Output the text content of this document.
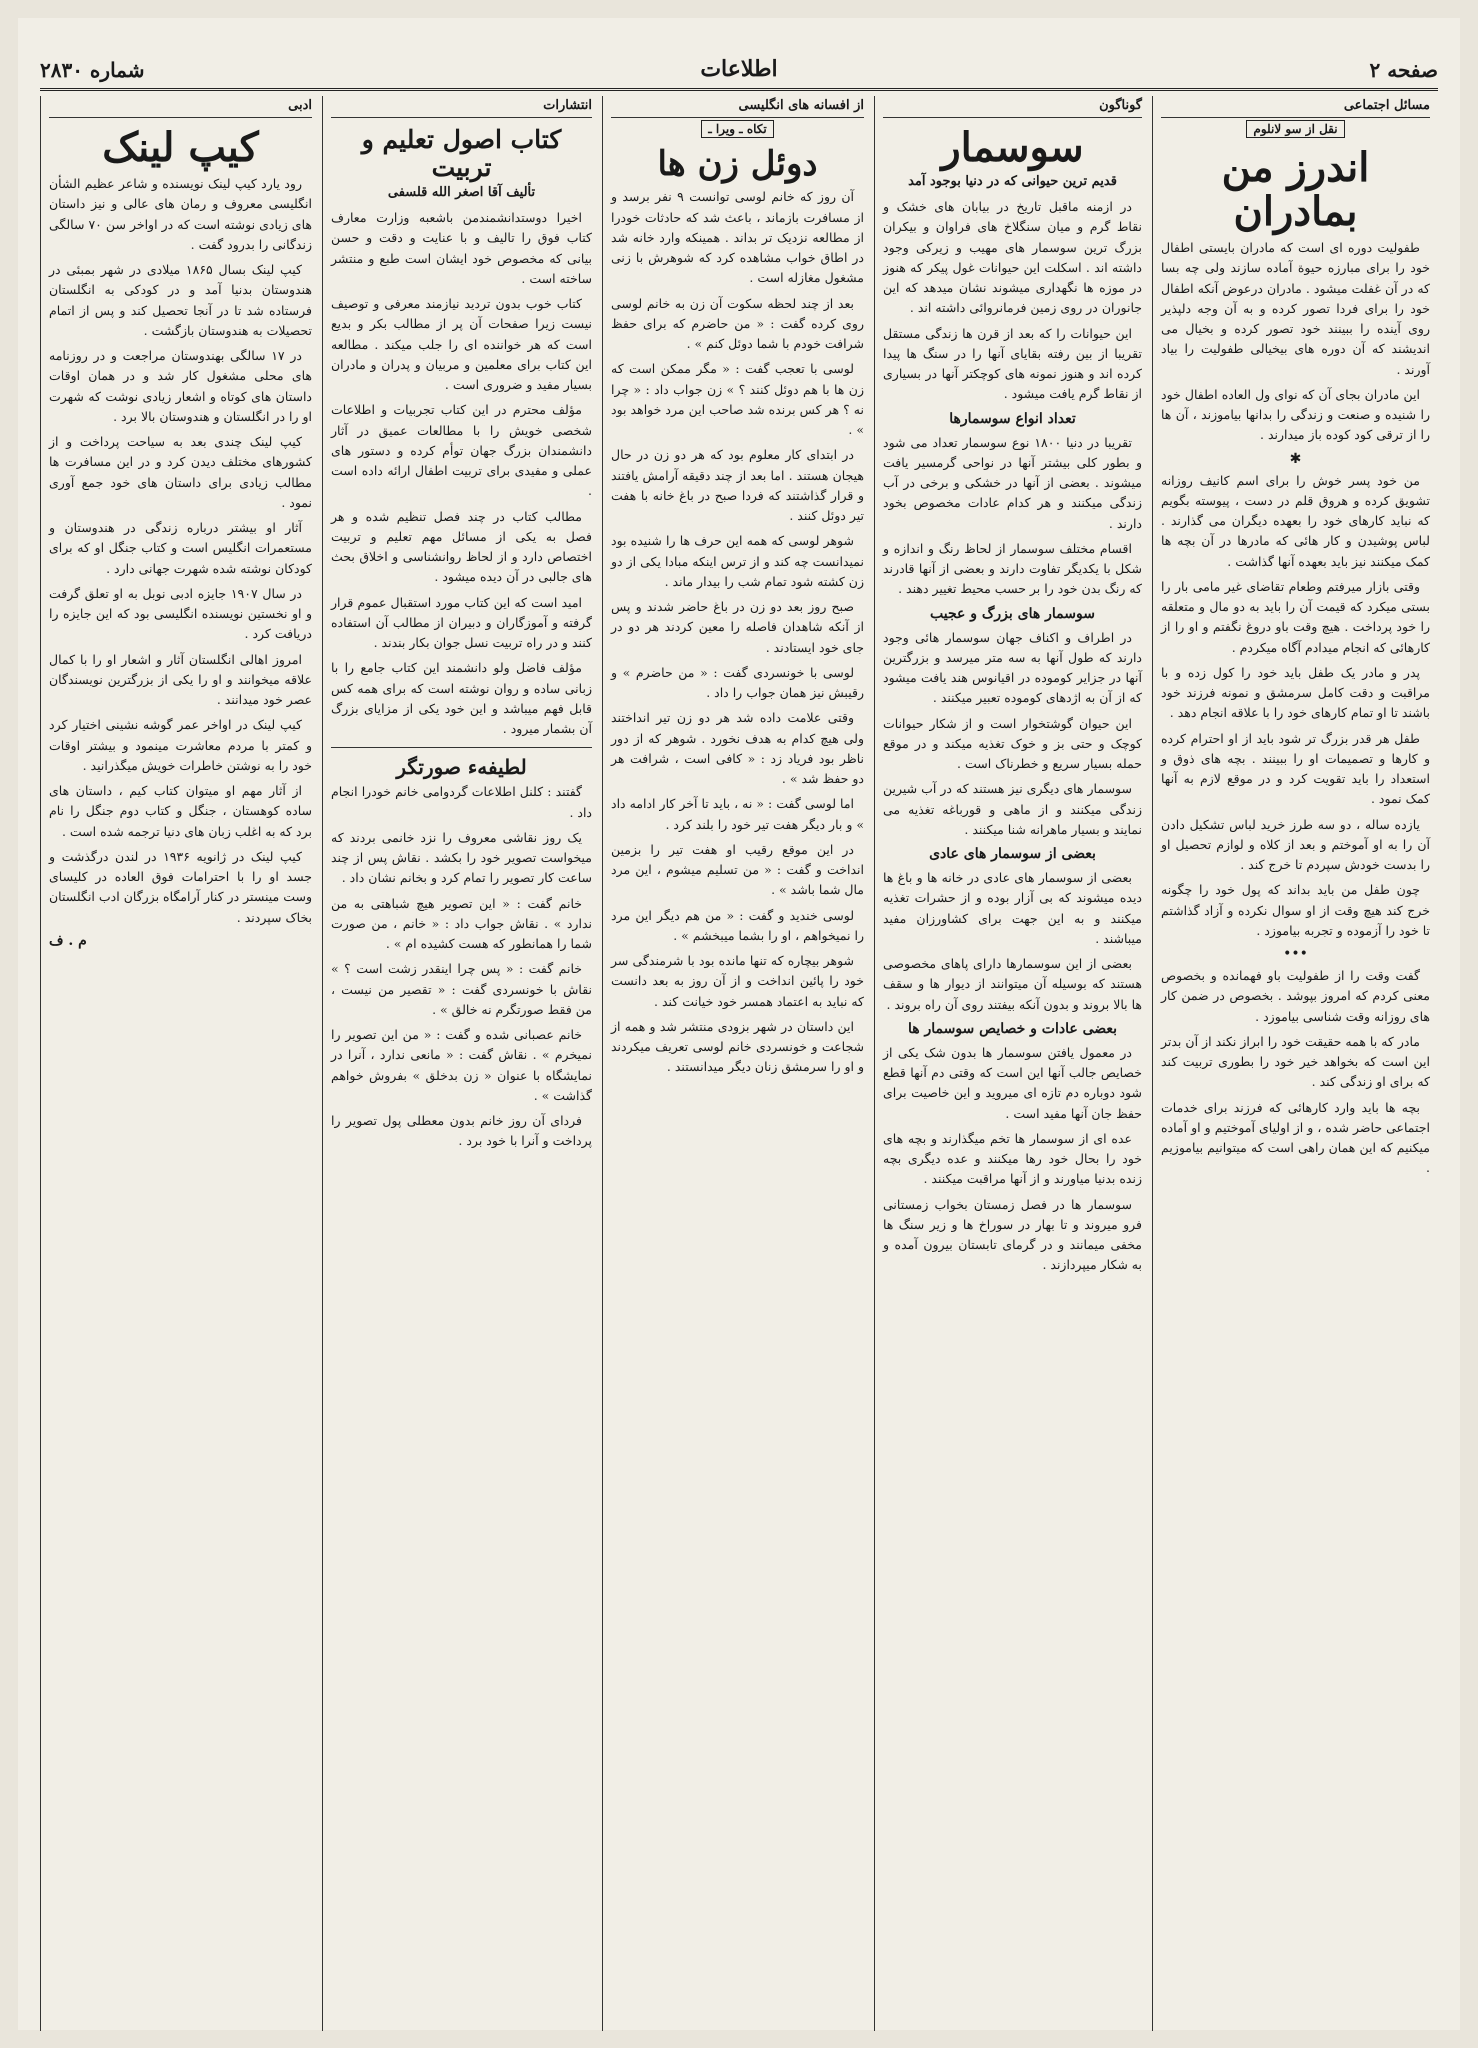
صفحه ۲
اطلاعات
شماره ۲۸۳۰
مسائل اجتماعی
نقل از سو لانلوم
اندرز من بمادران

طفولیت دوره ای است که مادران بایستی اطفال خود را برای مبارزه حیوة آماده سازند ولی چه بسا که در آن غفلت میشود . مادران درعوض آنکه اطفال خود را برای فردا تصور کرده و به آن وجه دلپذیر روی آینده را ببینند خود تصور کرده و بخیال می اندیشند که آن دوره های بیخیالی طفولیت را بیاد آورند .

این مادران بجای آن که نوای ول العاده اطفال خود را شنیده و صنعت و زندگی را بدانها بیاموزند ، آن ها را از ترقی کود کوده باز میدارند .

✱

من خود پسر خوش را برای اسم کانیف روزانه تشویق کرده و هروق قلم در دست ، پیوسته بگویم که نباید کارهای خود را بعهده دیگران می گذارند . لباس پوشیدن و کار هائی که مادرها در آن بچه ها کمک میکنند نیز باید بعهده آنها گذاشت .

وقتی بازار میرفتم وطعام تقاضای غیر مامی بار را بستی میکرد که قیمت آن را باید به دو مال و متعلقه را خود پرداخت . هیچ وقت باو دروغ نگفتم و او را از کارهائی که انجام میدادم آگاه میکردم .

پدر و مادر یک طفل باید خود را کول زده و با مراقبت و دقت کامل سرمشق و نمونه فرزند خود باشند تا او تمام کارهای خود را با علاقه انجام دهد .

طفل هر قدر بزرگ تر شود باید از او احترام کرده و کارها و تصمیمات او را ببینند . بچه های ذوق و استعداد را باید تقویت کرد و در موقع لازم به آنها کمک نمود .

یازده ساله ، دو سه طرز خرید لباس تشکیل دادن آن را به او آموختم و بعد از کلاه و لوازم تحصیل او را بدست خودش سپردم تا خرج کند .

چون طفل من باید بداند که پول خود را چگونه خرج کند هیچ وقت از او سوال نکرده و آزاد گذاشتم تا خود را آزموده و تجربه بیاموزد .

•••

گفت وقت را از طفولیت باو فهمانده و بخصوص معنی کردم که امروز بپوشد . بخصوص در ضمن کار های روزانه وقت شناسی بیاموزد .

مادر که با همه حقیقت خود را ابراز نکند از آن بدتر این است که بخواهد خیر خود را بطوری تربیت کند که برای او زندگی کند .

بچه ها باید وارد کارهائی که فرزند برای خدمات اجتماعی حاضر شده ، و از اولیای آموختیم و او آماده میکنیم که این همان راهی است که میتوانیم بیاموزیم .

گوناگون
سوسمار
قدیم ترین حیوانی که در دنیا بوجود آمد

در ازمنه ماقبل تاریخ در بیابان های خشک و نقاط گرم و میان سنگلاخ های فراوان و بیکران بزرگ ترین سوسمار های مهیب و زیرکی وجود داشته اند . اسکلت این حیوانات غول پیکر که هنوز در موزه ها نگهداری میشوند نشان میدهد که این جانوران در روی زمین فرمانروائی داشته اند .

این حیوانات را که بعد از قرن ها زندگی مستقل تقریبا از بین رفته بقایای آنها را در سنگ ها پیدا کرده اند و هنوز نمونه های کوچکتر آنها در بسیاری از نقاط گرم یافت میشود .

تعداد انواع سوسمارها

تقریبا در دنیا ۱۸۰۰ نوع سوسمار تعداد می شود و بطور کلی بیشتر آنها در نواحی گرمسیر یافت میشوند . بعضی از آنها در خشکی و برخی در آب زندگی میکنند و هر کدام عادات مخصوص بخود دارند .

اقسام مختلف سوسمار از لحاظ رنگ و اندازه و شکل با یکدیگر تفاوت دارند و بعضی از آنها قادرند که رنگ بدن خود را بر حسب محیط تغییر دهند .

سوسمار های بزرگ و عجیب

در اطراف و اکناف جهان سوسمار هائی وجود دارند که طول آنها به سه متر میرسد و بزرگترین آنها در جزایر کوموده در اقیانوس هند یافت میشود که از آن به اژدهای کوموده تعبیر میکنند .

این حیوان گوشتخوار است و از شکار حیوانات کوچک و حتی بز و خوک تغذیه میکند و در موقع حمله بسیار سریع و خطرناک است .

سوسمار های دیگری نیز هستند که در آب شیرین زندگی میکنند و از ماهی و قورباغه تغذیه می نمایند و بسیار ماهرانه شنا میکنند .

بعضی از سوسمار های عادی

بعضی از سوسمار های عادی در خانه ها و باغ ها دیده میشوند که بی آزار بوده و از حشرات تغذیه میکنند و به این جهت برای کشاورزان مفید میباشند .

بعضی از این سوسمارها دارای پاهای مخصوصی هستند که بوسیله آن میتوانند از دیوار ها و سقف ها بالا بروند و بدون آنکه بیفتند روی آن راه بروند .

بعضی عادات و خصایص سوسمار ها

در معمول یافتن سوسمار ها بدون شک یکی از خصایص جالب آنها این است که وقتی دم آنها قطع شود دوباره دم تازه ای میروید و این خاصیت برای حفظ جان آنها مفید است .

عده ای از سوسمار ها تخم میگذارند و بچه های خود را بحال خود رها میکنند و عده دیگری بچه زنده بدنیا میاورند و از آنها مراقبت میکنند .

سوسمار ها در فصل زمستان بخواب زمستانی فرو میروند و تا بهار در سوراخ ها و زیر سنگ ها مخفی میمانند و در گرمای تابستان بیرون آمده و به شکار میپردازند .

از افسانه های انگلیسی
تکاه ـ ویرا ـ
دوئل زن ها

آن روز که خانم لوسی توانست ۹ نفر برسد و از مسافرت بازماند ، باعث شد که حادثات خودرا از مطالعه نزدیک تر بداند . همینکه وارد خانه شد در اطاق خواب مشاهده کرد که شوهرش با زنی مشغول مغازله است .

بعد از چند لحظه سکوت آن زن به خانم لوسی روی کرده گفت : « من حاضرم که برای حفظ شرافت خودم با شما دوئل کنم » .

لوسی با تعجب گفت : « مگر ممکن است که زن ها با هم دوئل کنند ؟ » زن جواب داد : « چرا نه ؟ هر کس برنده شد صاحب این مرد خواهد بود » .

در ابتدای کار معلوم بود که هر دو زن در حال هیجان هستند . اما بعد از چند دقیقه آرامش یافتند و قرار گذاشتند که فردا صبح در باغ خانه با هفت تیر دوئل کنند .

شوهر لوسی که همه این حرف ها را شنیده بود نمیدانست چه کند و از ترس اینکه مبادا یکی از دو زن کشته شود تمام شب را بیدار ماند .

صبح روز بعد دو زن در باغ حاضر شدند و پس از آنکه شاهدان فاصله را معین کردند هر دو در جای خود ایستادند .

لوسی با خونسردی گفت : « من حاضرم » و رقیبش نیز همان جواب را داد .

وقتی علامت داده شد هر دو زن تیر انداختند ولی هیچ کدام به هدف نخورد . شوهر که از دور ناظر بود فریاد زد : « کافی است ، شرافت هر دو حفظ شد » .

اما لوسی گفت : « نه ، باید تا آخر کار ادامه داد » و بار دیگر هفت تیر خود را بلند کرد .

در این موقع رقیب او هفت تیر را بزمین انداخت و گفت : « من تسلیم میشوم ، این مرد مال شما باشد » .

لوسی خندید و گفت : « من هم دیگر این مرد را نمیخواهم ، او را بشما میبخشم » .

شوهر بیچاره که تنها مانده بود با شرمندگی سر خود را پائین انداخت و از آن روز به بعد دانست که نباید به اعتماد همسر خود خیانت کند .

این داستان در شهر بزودی منتشر شد و همه از شجاعت و خونسردی خانم لوسی تعریف میکردند و او را سرمشق زنان دیگر میدانستند .

انتشارات
کتاب اصول تعلیم و تربیت
تألیف آقا اصغر الله قلسفی

اخیرا دوستدانشمندمن باشعبه وزارت معارف کتاب فوق را تالیف و با عنایت و دقت و حسن بیانی که مخصوص خود ایشان است طبع و منتشر ساخته است .

کتاب خوب بدون تردید نیازمند معرفی و توصیف نیست زیرا صفحات آن پر از مطالب بکر و بدیع است که هر خواننده ای را جلب میکند . مطالعه این کتاب برای معلمین و مربیان و پدران و مادران بسیار مفید و ضروری است .

مؤلف محترم در این کتاب تجربیات و اطلاعات شخصی خویش را با مطالعات عمیق در آثار دانشمندان بزرگ جهان توأم کرده و دستور های عملی و مفیدی برای تربیت اطفال ارائه داده است .

مطالب کتاب در چند فصل تنظیم شده و هر فصل به یکی از مسائل مهم تعلیم و تربیت اختصاص دارد و از لحاظ روانشناسی و اخلاق بحث های جالبی در آن دیده میشود .

امید است که این کتاب مورد استقبال عموم قرار گرفته و آموزگاران و دبیران از مطالب آن استفاده کنند و در راه تربیت نسل جوان بکار بندند .

مؤلف فاضل ولو دانشمند این کتاب جامع را با زبانی ساده و روان نوشته است که برای همه کس قابل فهم میباشد و این خود یکی از مزایای بزرگ آن بشمار میرود .

لطیفهء صورتگر

گفتند : کلنل اطلاعات گردوامی خانم خودرا انجام داد .

یک روز نقاشی معروف را نزد خانمی بردند که میخواست تصویر خود را بکشد . نقاش پس از چند ساعت کار تصویر را تمام کرد و بخانم نشان داد .

خانم گفت : « این تصویر هیچ شباهتی به من ندارد » . نقاش جواب داد : « خانم ، من صورت شما را همانطور که هست کشیده ام » .

خانم گفت : « پس چرا اینقدر زشت است ؟ » نقاش با خونسردی گفت : « تقصیر من نیست ، من فقط صورتگرم نه خالق » .

خانم عصبانی شده و گفت : « من این تصویر را نمیخرم » . نقاش گفت : « مانعی ندارد ، آنرا در نمایشگاه با عنوان « زن بدخلق » بفروش خواهم گذاشت » .

فردای آن روز خانم بدون معطلی پول تصویر را پرداخت و آنرا با خود برد .

ادبی
کیپ لینک

رود یارد کیپ لینک نویسنده و شاعر عظیم الشأن انگلیسی معروف و رمان های عالی و نیز داستان های زیادی نوشته است که در اواخر سن ۷۰ سالگی زندگانی را بدرود گفت .

کیپ لینک بسال ۱۸۶۵ میلادی در شهر بمبئی در هندوستان بدنیا آمد و در کودکی به انگلستان فرستاده شد تا در آنجا تحصیل کند و پس از اتمام تحصیلات به هندوستان بازگشت .

در ۱۷ سالگی بهندوستان مراجعت و در روزنامه های محلی مشغول کار شد و در همان اوقات داستان های کوتاه و اشعار زیادی نوشت که شهرت او را در انگلستان و هندوستان بالا برد .

کیپ لینک چندی بعد به سیاحت پرداخت و از کشورهای مختلف دیدن کرد و در این مسافرت ها مطالب زیادی برای داستان های خود جمع آوری نمود .

آثار او بیشتر درباره زندگی در هندوستان و مستعمرات انگلیس است و کتاب جنگل او که برای کودکان نوشته شده شهرت جهانی دارد .

در سال ۱۹۰۷ جایزه ادبی نوبل به او تعلق گرفت و او نخستین نویسنده انگلیسی بود که این جایزه را دریافت کرد .

امروز اهالی انگلستان آثار و اشعار او را با کمال علاقه میخوانند و او را یکی از بزرگترین نویسندگان عصر خود میدانند .

کیپ لینک در اواخر عمر گوشه نشینی اختیار کرد و کمتر با مردم معاشرت مینمود و بیشتر اوقات خود را به نوشتن خاطرات خویش میگذرانید .

از آثار مهم او میتوان کتاب کیم ، داستان های ساده کوهستان ، جنگل و کتاب دوم جنگل را نام برد که به اغلب زبان های دنیا ترجمه شده است .

کیپ لینک در ژانویه ۱۹۳۶ در لندن درگذشت و جسد او را با احترامات فوق العاده در کلیسای وست مینستر در کنار آرامگاه بزرگان ادب انگلستان بخاک سپردند .

م . ف
